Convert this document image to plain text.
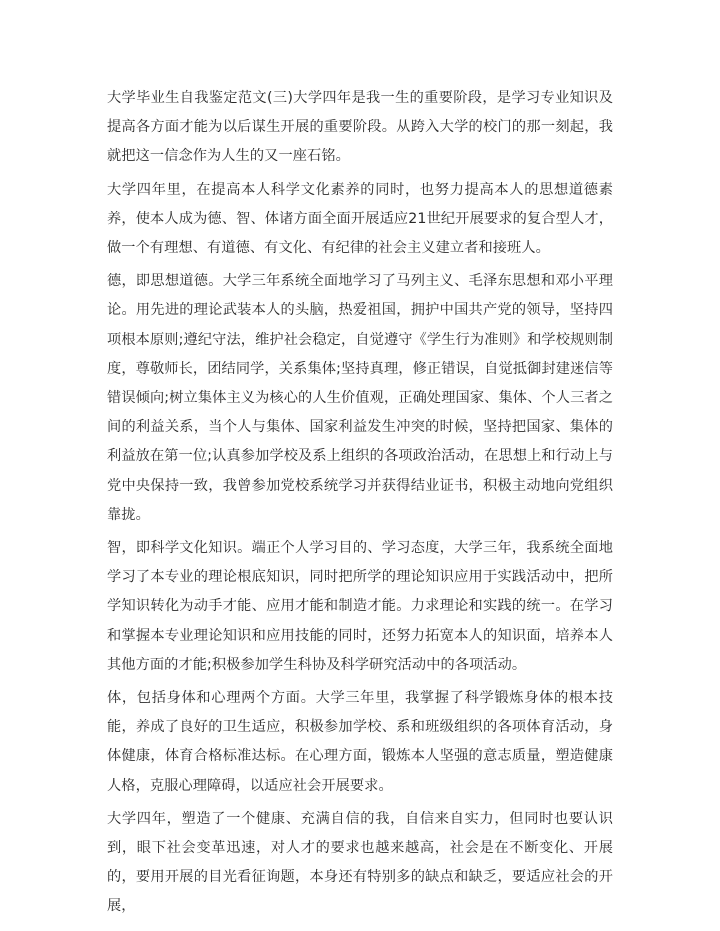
大学毕业生自我鉴定范文(三)大学四年是我一生的重要阶段，是学习专业知识及提高各方面才能为以后谋生开展的重要阶段。从跨入大学的校门的那一刻起，我就把这一信念作为人生的又一座石铭。

大学四年里，在提高本人科学文化素养的同时，也努力提高本人的思想道德素养，使本人成为德、智、体诸方面全面开展适应21世纪开展要求的复合型人才，做一个有理想、有道德、有文化、有纪律的社会主义建立者和接班人。

德，即思想道德。大学三年系统全面地学习了马列主义、毛泽东思想和邓小平理论。用先进的理论武装本人的头脑，热爱祖国，拥护中国共产党的领导，坚持四项根本原则;遵纪守法，维护社会稳定，自觉遵守《学生行为准则》和学校规则制度，尊敬师长，团结同学，关系集体;坚持真理，修正错误，自觉抵御封建迷信等错误倾向;树立集体主义为核心的人生价值观，正确处理国家、集体、个人三者之间的利益关系，当个人与集体、国家利益发生冲突的时候，坚持把国家、集体的利益放在第一位;认真参加学校及系上组织的各项政治活动，在思想上和行动上与党中央保持一致，我曾参加党校系统学习并获得结业证书，积极主动地向党组织靠拢。

智，即科学文化知识。端正个人学习目的、学习态度，大学三年，我系统全面地学习了本专业的理论根底知识，同时把所学的理论知识应用于实践活动中，把所学知识转化为动手才能、应用才能和制造才能。力求理论和实践的统一。在学习和掌握本专业理论知识和应用技能的同时，还努力拓宽本人的知识面，培养本人其他方面的才能;积极参加学生科协及科学研究活动中的各项活动。

体，包括身体和心理两个方面。大学三年里，我掌握了科学锻炼身体的根本技能，养成了良好的卫生适应，积极参加学校、系和班级组织的各项体育活动，身体健康，体育合格标准达标。在心理方面，锻炼本人坚强的意志质量，塑造健康人格，克服心理障碍，以适应社会开展要求。

大学四年，塑造了一个健康、充满自信的我，自信来自实力，但同时也要认识到，眼下社会变革迅速，对人才的要求也越来越高，社会是在不断变化、开展的，要用开展的目光看征询题，本身还有特别多的缺点和缺乏，要适应社会的开展，
